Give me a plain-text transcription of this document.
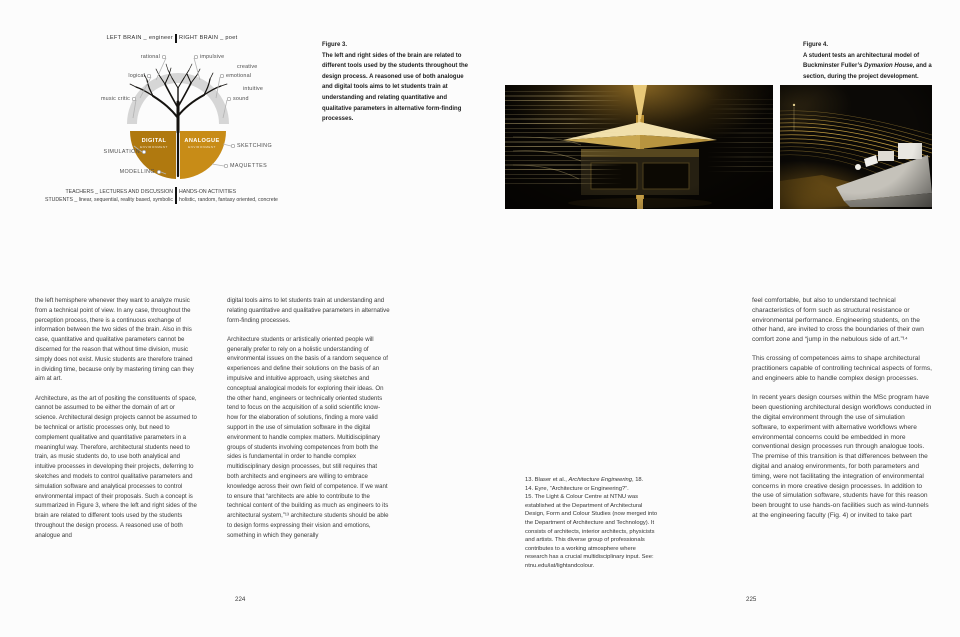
DIGITAL
ENVIRONMENT
ANALOGUE
ENVIRONMENT
LEFT BRAIN _ engineer RIGHT BRAIN _ poet
rational	impulsive
creative
logical	emotional
intuitive
music critic	sound
SIMULATION
SKETCHING
MODELLING
MAQUETTES
TEACHERS _ LECTURES AND DISCUSSION HANDS-ON ACTIVITIES
STUDENTS _ linear, sequential, reality based, symbolic holistic, random, fantasy oriented, concrete
Figure 3.
The left and right sides of the brain are related to different tools used by the students throughout the design process. A reasoned use of both analogue and digital tools aims to let students train at understanding and relating quantitative and qualitative parameters in alternative form-finding processes.
Figure 4.
A student tests an architectural model of Buckminster Fuller’s Dymaxion House, and a section, during the project development.

the left hemisphere whenever they want to analyze music from a technical point of view. In any case, throughout the perception process, there is a continuous exchange of information between the two sides of the brain. Also in this case, quantitative and qualitative parameters cannot be discerned for the reason that without time division, music simply does not exist. Music students are therefore trained in dividing time, because only by mastering timing can they aim at art.

Architecture, as the art of positing the constituents of space, cannot be assumed to be either the domain of art or science. Architectural design projects cannot be assumed to be technical or artistic processes only, but need to complement qualitative and quantitative parameters in a meaningful way. Therefore, architectural students need to train, as music students do, to use both analytical and intuitive processes in developing their projects, deferring to sketches and models to control qualitative parameters and simulation software and analytical processes to control environmental impact of their proposals. Such a concept is summarized in Figure 3, where the left and right sides of the brain are related to different tools used by the students throughout the design process. A reasoned use of both analogue and

digital tools aims to let students train at understanding and relating quantitative and qualitative parameters in alternative form-finding processes.

Architecture students or artistically oriented people will generally prefer to rely on a holistic understanding of environmental issues on the basis of a random sequence of experiences and define their solutions on the basis of an impulsive and intuitive approach, using sketches and conceptual analogical models for exploring their ideas. On the other hand, engineers or technically oriented students tend to focus on the acquisition of a solid scientific know-how for the elaboration of solutions, finding a more valid support in the use of simulation software in the digital environment to handle complex matters. Multidisciplinary groups of students involving competences from both the sides is fundamental in order to handle complex multidisciplinary design processes, but still requires that both architects and engineers are willing to embrace knowledge across their own field of competence. If we want to ensure that “architects are able to contribute to the technical content of the building as much as engineers to its architectural system,”¹³ architecture students should be able to design forms expressing their vision and emotions, something in which they generally

13. Blaser et al., Architecture Engineering, 18.

14. Eyre, “Architecture or Engineering?”.

15. The Light & Colour Centre at NTNU was established at the Department of Architectural Design, Form and Colour Studies (now merged into the Department of Architecture and Technology). It consists of architects, interior architects, physicists and artists. This diverse group of professionals contributes to a working atmosphere where research has a crucial multidisciplinary input. See: ntnu.edu/iat/lightandcolour.

feel comfortable, but also to understand technical characteristics of form such as structural resistance or environmental performance. Engineering students, on the other hand, are invited to cross the boundaries of their own comfort zone and “jump in the nebulous side of art.”¹⁴

This crossing of competences aims to shape architectural practitioners capable of controlling technical aspects of forms, and engineers able to handle complex design processes.

In recent years design courses within the MSc program have been questioning architectural design workflows conducted in the digital environment through the use of simulation software, to experiment with alternative workflows where environmental concerns could be embedded in more conventional design processes run through analogue tools. The premise of this transition is that differences between the digital and analog environments, for both parameters and timing, were not facilitating the integration of environmental concerns in more creative design processes. In addition to the use of simulation software, students have for this reason been brought to use hands-on facilities such as wind-tunnels at the engineering faculty (Fig. 4) or invited to take part

224	225
